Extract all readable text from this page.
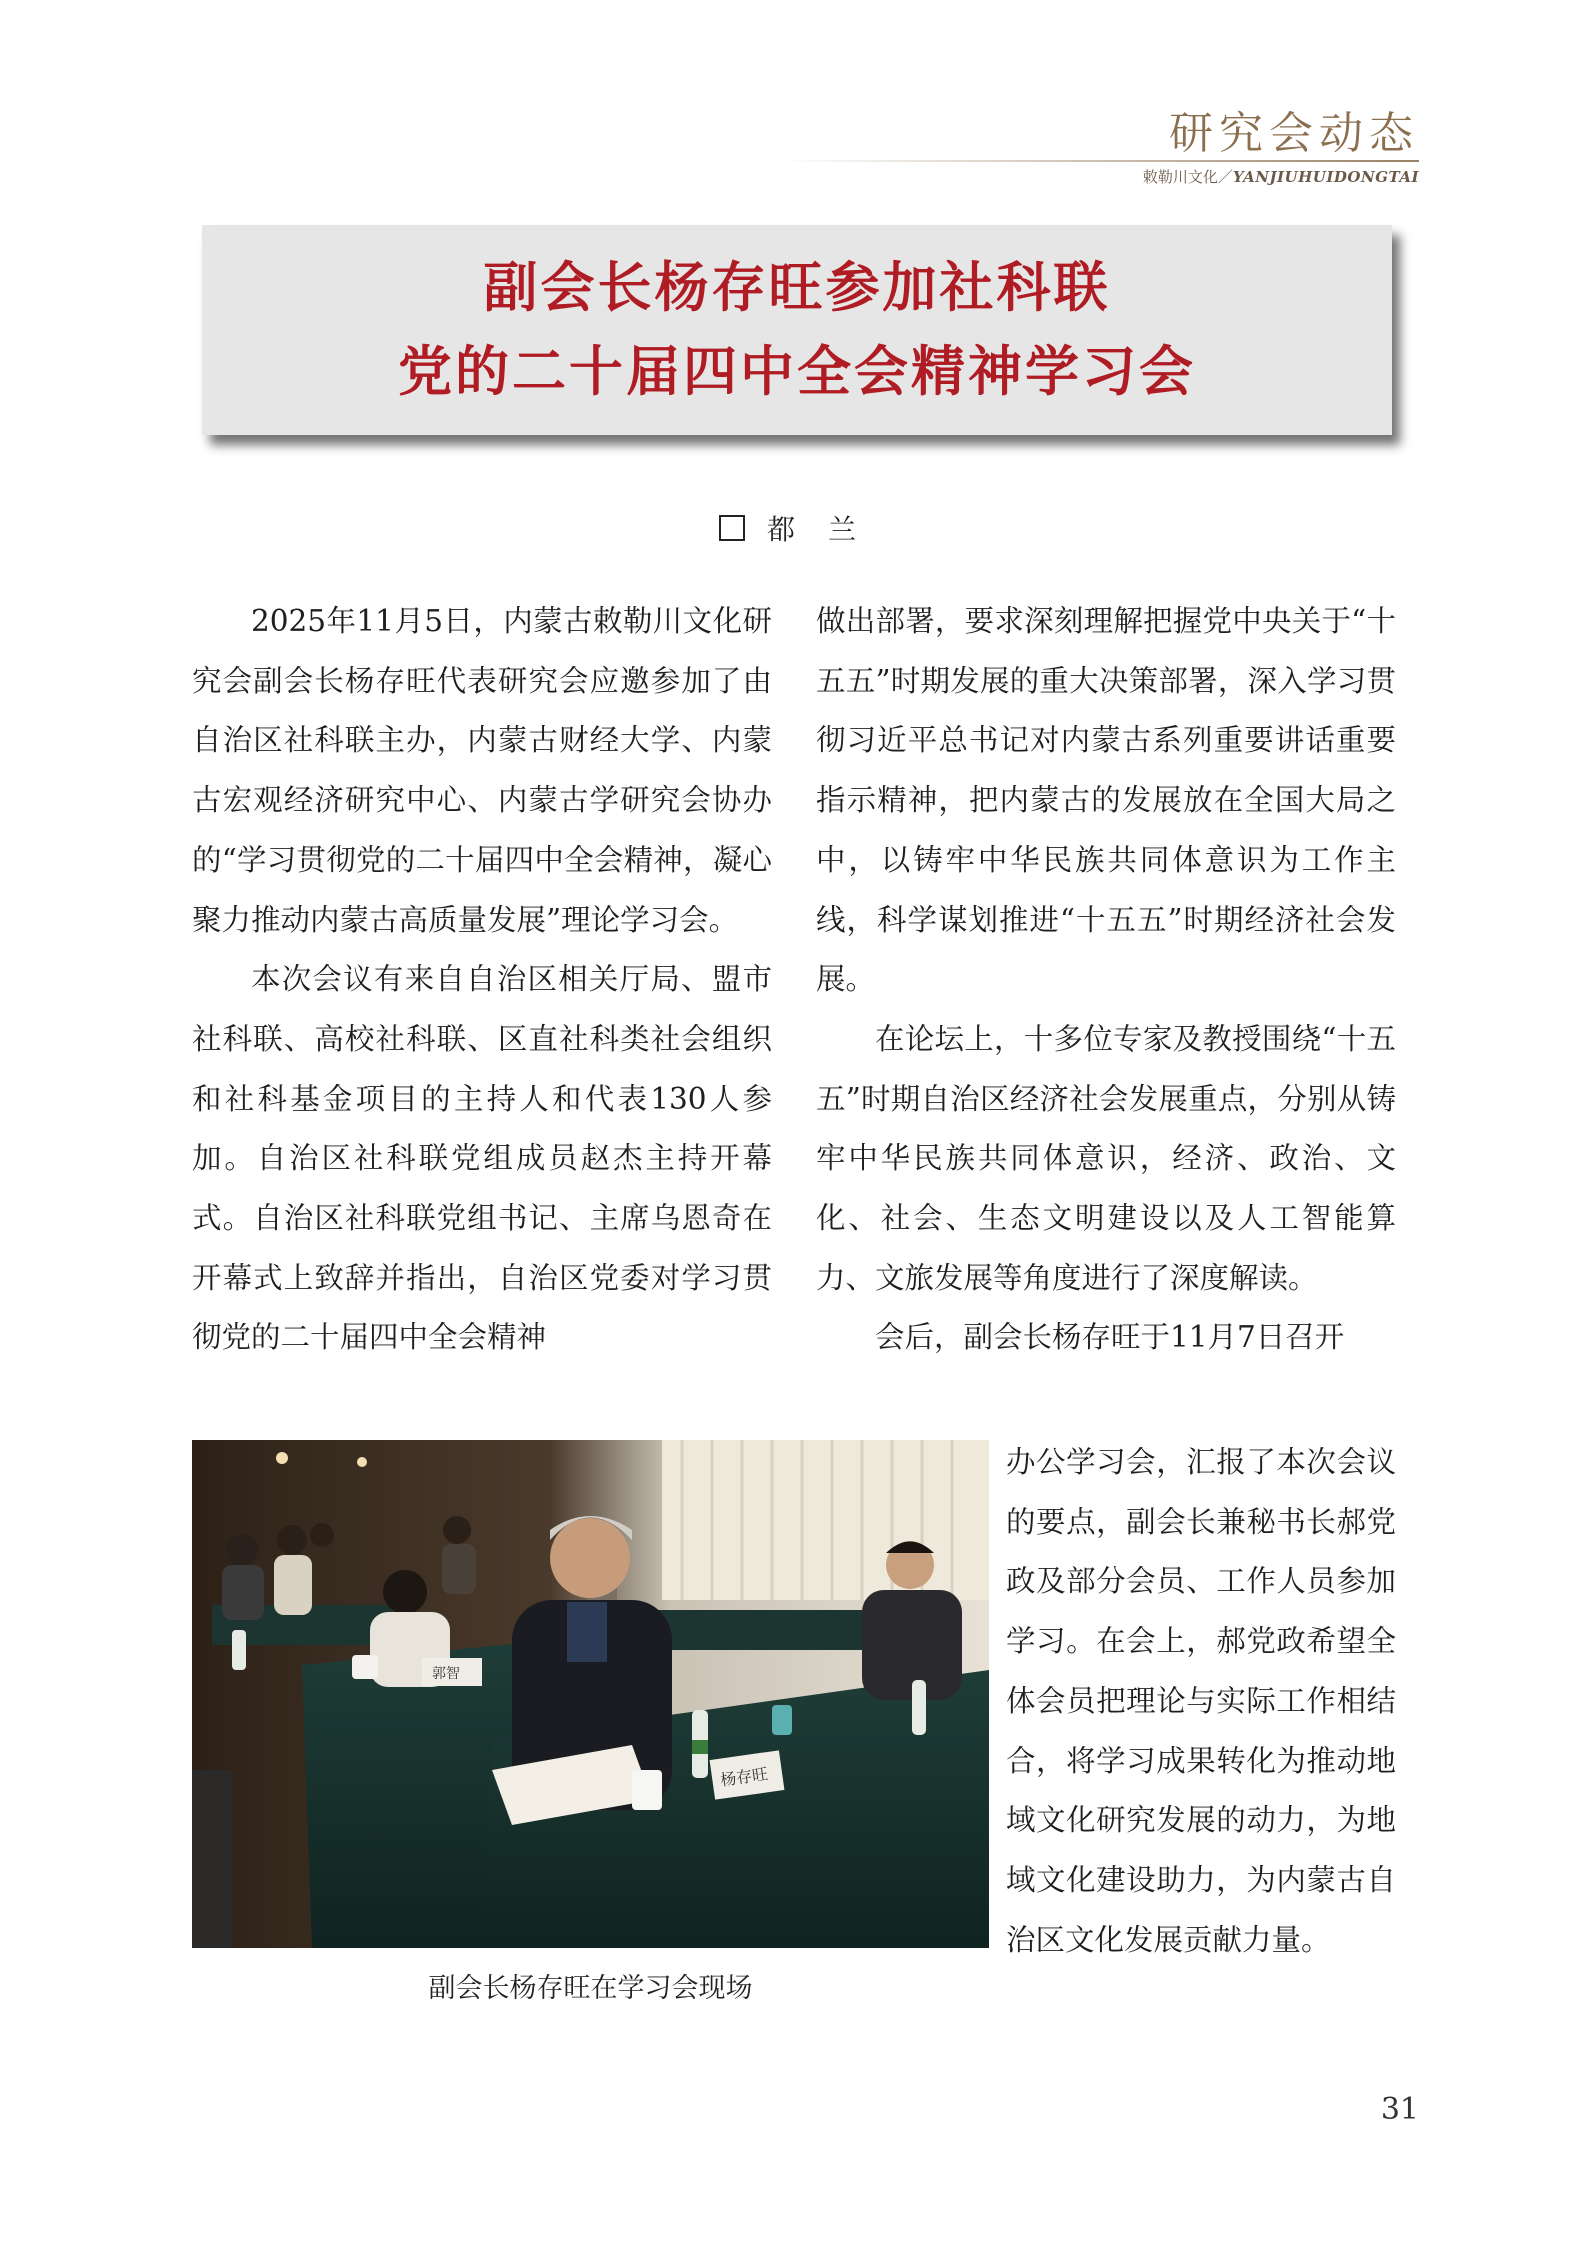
研究会动态
敕勒川文化／YANJIUHUIDONGTAI
副会长杨存旺参加社科联
党的二十届四中全会精神学习会
都 兰

2025年11月5日，内蒙古敕勒川文化研究会副会长杨存旺代表研究会应邀参加了由自治区社科联主办，内蒙古财经大学、内蒙古宏观经济研究中心、内蒙古学研究会协办的“学习贯彻党的二十届四中全会精神，凝心聚力推动内蒙古高质量发展”理论学习会。

本次会议有来自自治区相关厅局、盟市社科联、高校社科联、区直社科类社会组织和社科基金项目的主持人和代表130人参加。自治区社科联党组成员赵杰主持开幕式。自治区社科联党组书记、主席乌恩奇在开幕式上致辞并指出，自治区党委对学习贯彻党的二十届四中全会精神

做出部署，要求深刻理解把握党中央关于“十五五”时期发展的重大决策部署，深入学习贯彻习近平总书记对内蒙古系列重要讲话重要指示精神，把内蒙古的发展放在全国大局之中，以铸牢中华民族共同体意识为工作主线，科学谋划推进“十五五”时期经济社会发展。

在论坛上，十多位专家及教授围绕“十五五”时期自治区经济社会发展重点，分别从铸牢中华民族共同体意识，经济、政治、文化、社会、生态文明建设以及人工智能算力、文旅发展等角度进行了深度解读。

会后，副会长杨存旺于11月7日召开

办公学习会，汇报了本次会议的要点，副会长兼秘书长郝党政及部分会员、工作人员参加学习。在会上，郝党政希望全体会员把理论与实际工作相结合，将学习成果转化为推动地域文化研究发展的动力，为地域文化建设助力，为内蒙古自治区文化发展贡献力量。

杨存旺
郭智
副会长杨存旺在学习会现场
31
